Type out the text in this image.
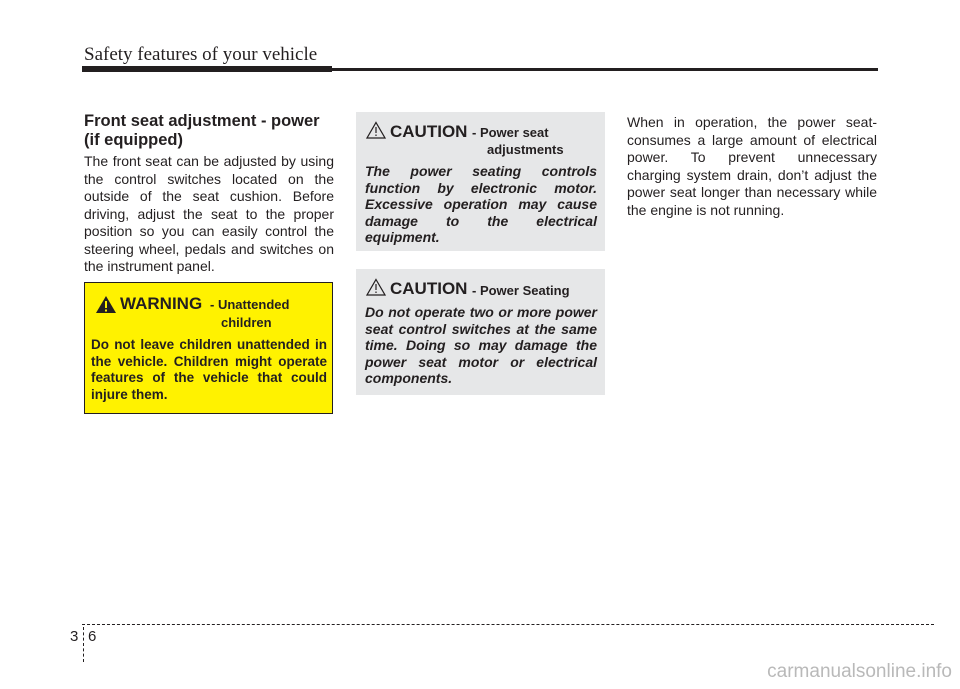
Safety features of your vehicle
Front seat adjustment - power (if equipped)
The front seat can be adjusted by using the control switches located on the outside of the seat cushion. Before driving, adjust the seat to the proper position so you can easily control the steering wheel, pedals and switches on the instrument panel.
WARNING - Unattended
children
Do not leave children unattended in the vehicle. Children might operate features of the vehicle that could injure them.
CAUTION - Power seat
adjustments
The power seating controls function by electronic motor. Excessive operation may cause damage to the electrical equipment.
CAUTION - Power Seating
Do not operate two or more power seat control switches at the same time. Doing so may damage the power seat motor or electrical components.
When in operation, the power seat- consumes a large amount of electrical power. To prevent unnecessary charging system drain, don’t adjust the power seat longer than necessary while the engine is not running.
3 6
carmanualsonline.info
